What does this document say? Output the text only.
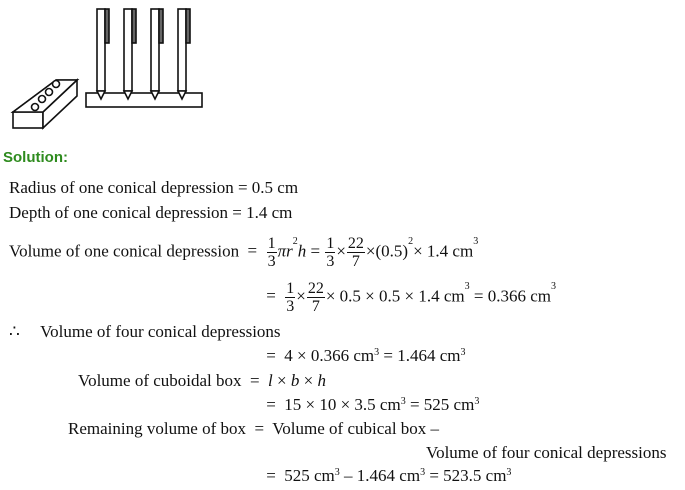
Solution:
Radius of one conical depression = 0.5 cm
Depth of one conical depression = 1.4 cm
Volume of one conical depression = $\frac{1}{3} \pi r^2h = \frac{1}{3} \times \frac{22}{7} \times(0.5)^2\times 1.4$ $cm^3$
= $\frac{1}{3} \times \frac{22}{7} \times 0.5 \times 0.5 \times 1.4$ $cm^3 = 0.366$ $cm^3$
∴ Volume of four conical depressions
= 4 × 0.366 $cm^3 = 1.464$ $cm^3$
Volume of cuboidal box = l × b × h
= 15 × 10 × 3.5 $cm^3 = 525$ $cm^3$
Remaining volume of box = Volume of cubical box –
Volume of four conical depressions
= 525 $cm^3 - 1.464$ $cm^3 = 523.5$ $cm^3$
